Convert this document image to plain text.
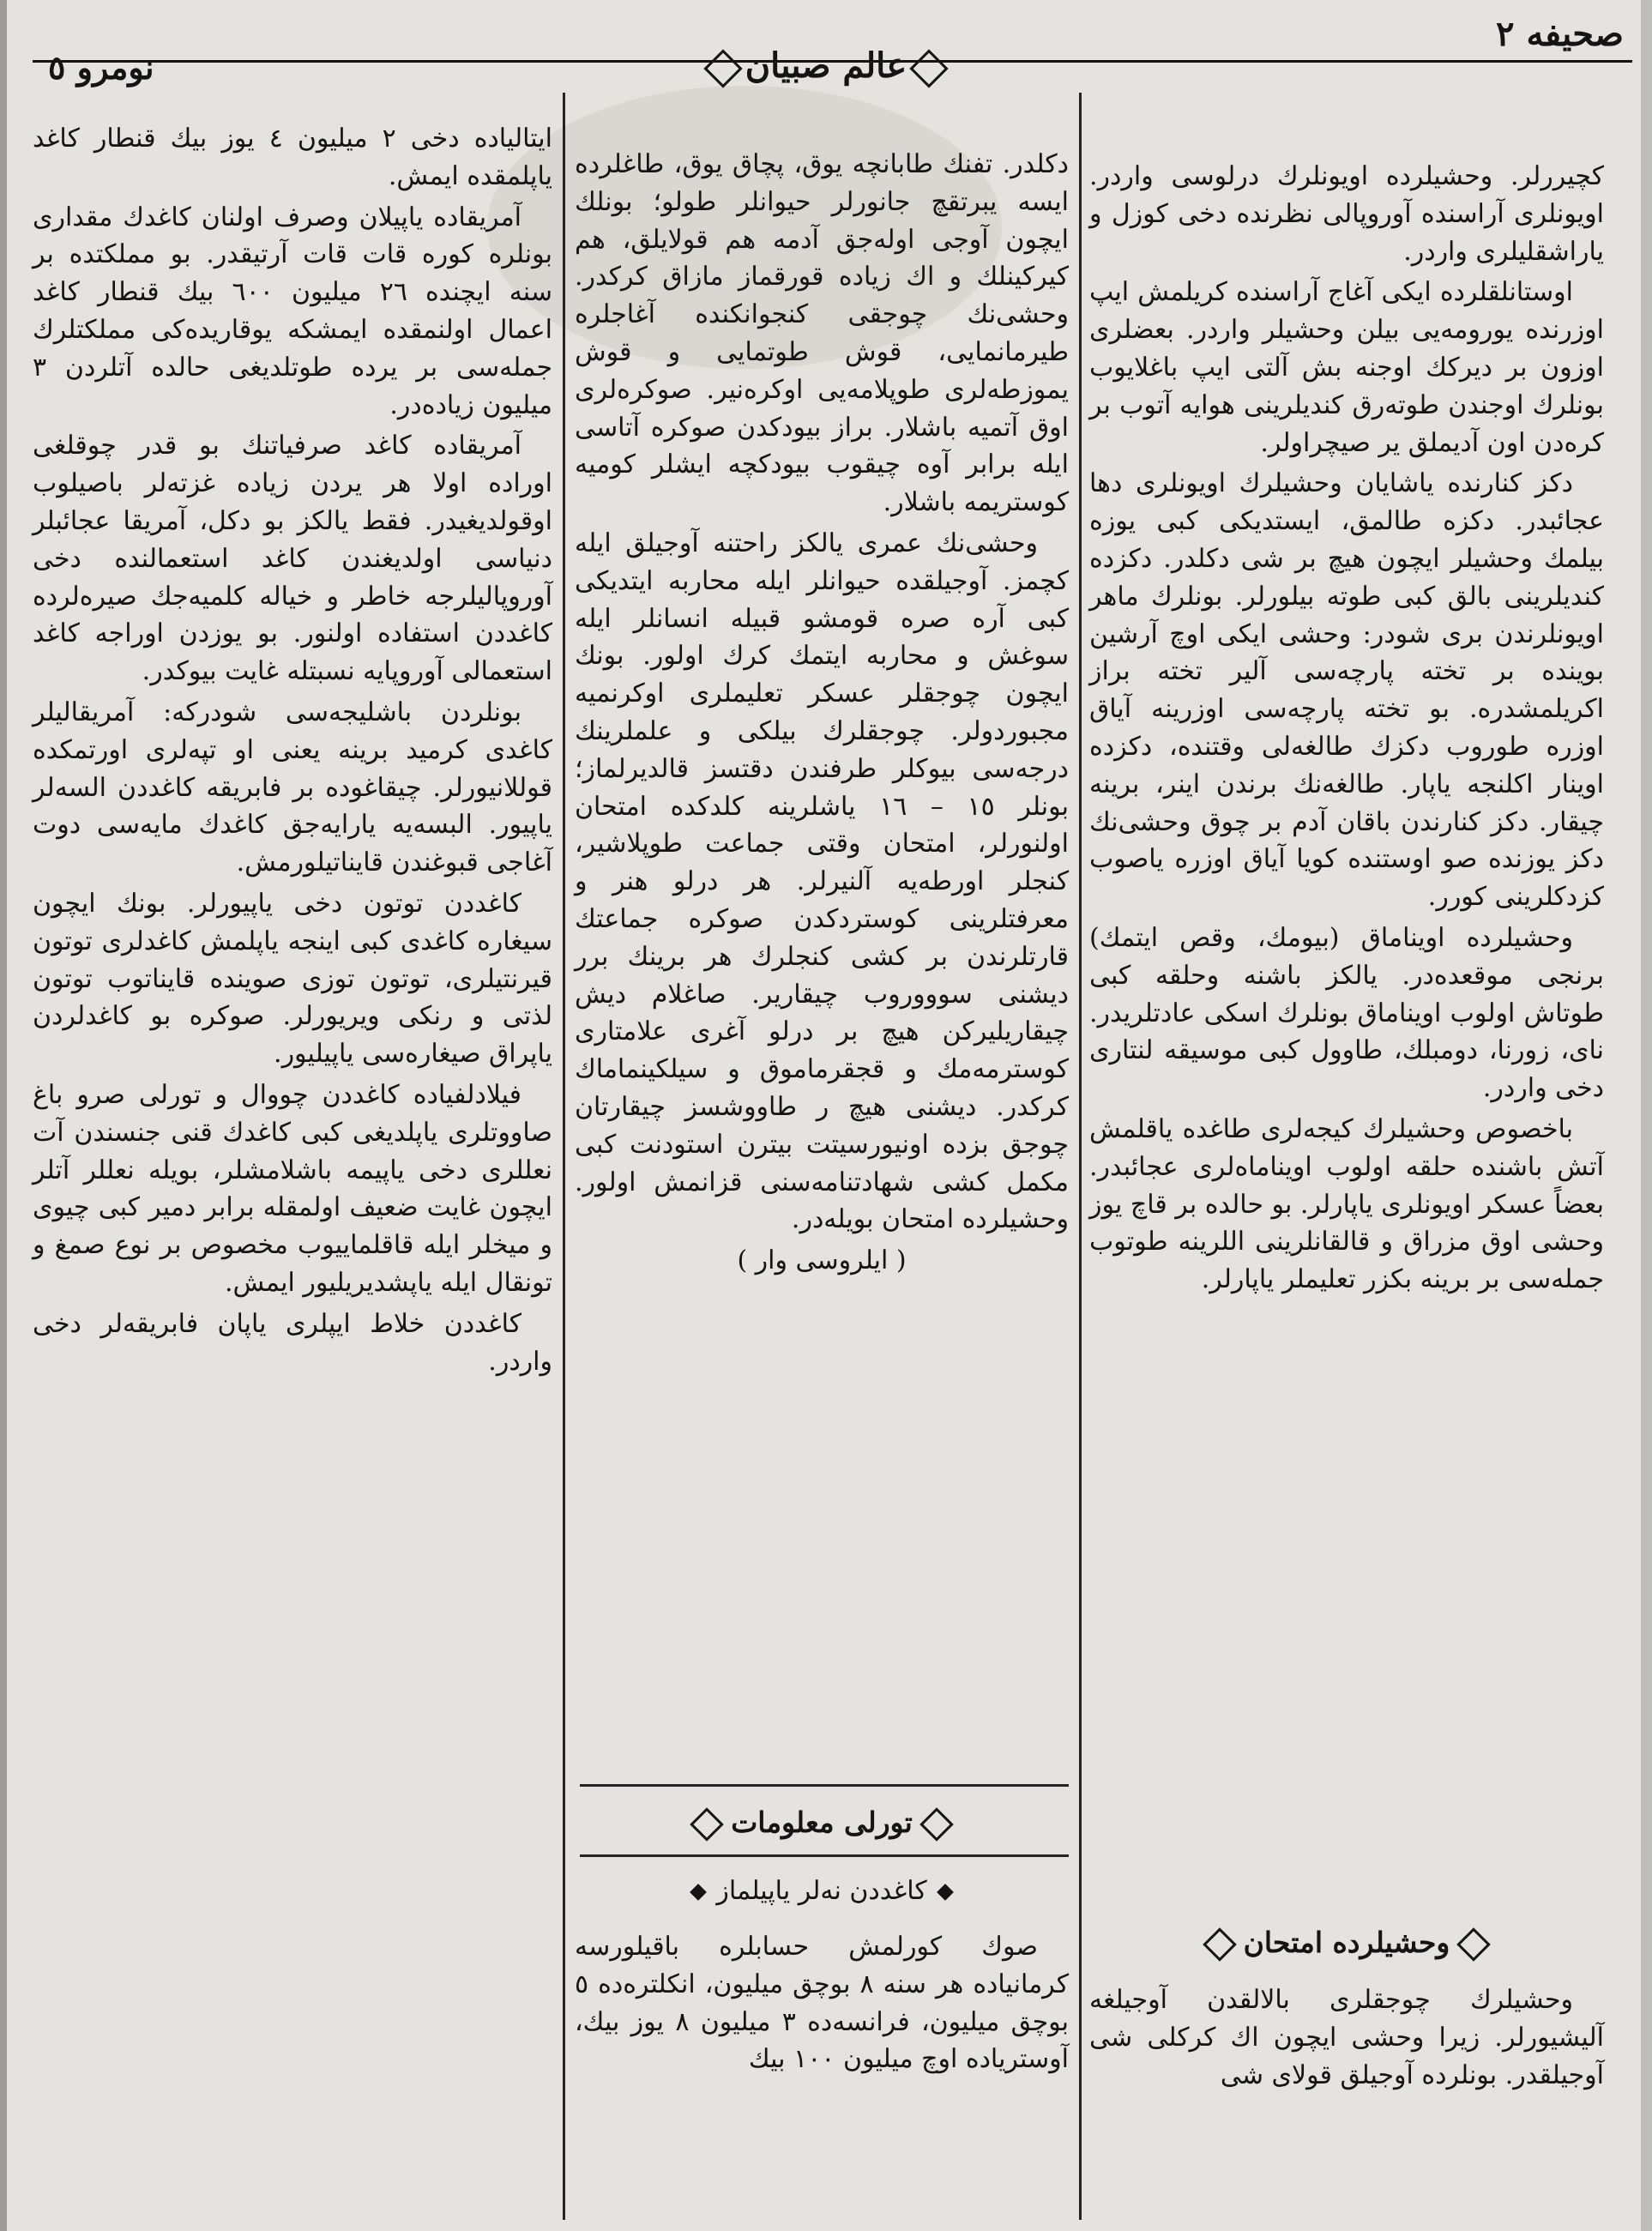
صحیفه ٢
عالم صبیان
نومرو ٥

كچیررلر. وحشیلرده اویونلرك درلوسی واردر. اویونلری آراسنده آوروپالی نظرنده دخی كوزل و یاراشقلیلری واردر.

اوستانلقلرده ایكی آغاج آراسنده كریلمش ایپ اوزرنده یورومه‌یی بیلن وحشیلر واردر. بعضلری اوزون بر دیركك اوجنه بش آلتی ایپ باغلایوب بونلرك اوجندن طوته‌رق كندیلرینی هوایه آتوب بر كره‌دن اون آدیملق یر صیچراولر.

دكز كنارنده یاشایان وحشیلرك اویونلری دها عجائبدر. دكزه طالمق، ایستدیكی كبی یوزه بیلمك وحشیلر ایچون هیچ بر شی دكلدر. دكزده كندیلرینی بالق كبی طوته بیلورلر. بونلرك ماهر اویونلرندن بری شودر: وحشی ایكی اوچ آرشین بوینده بر تخته پارچه‌سی آلیر تخته براز اكریلمشدره. بو تخته پارچه‌سی اوزرینه آیاق اوزره طوروب دكزك طالغه‌لی وقتنده، دكزده اوینار اكلنجه یاپار. طالغه‌نك برندن اینر، برینه چیقار. دكز كنارندن باقان آدم بر چوق وحشی‌نك دكز یوزنده صو اوستنده كویا آیاق اوزره یاصوب كزدكلرینی كورر.

وحشیلرده اویناماق (بیومك، وقص ایتمك) برنجی موقعده‌در. یالكز باشنه وحلقه كبی طوتاش اولوب اویناماق بونلرك اسكی عادتلریدر. نای، زورنا، دومبلك، طاوول كبی موسیقه لنتاری دخی واردر.

باخصوص وحشیلرك كیجه‌لری طاغده یاقلمش آتش باشنده حلقه اولوب اویناماه‌لری عجائبدر. بعضاً عسكر اویونلری یاپارلر. بو حالده بر قاچ یوز وحشی اوق مزراق و قالقانلرینی اللرینه طوتوب جمله‌سی بر برینه بكزر تعلیملر یاپارلر.

وحشیلرده امتحان

وحشیلرك چوجقلری بالالقدن آوجیلغه آلیشیورلر. زیرا وحشی ایچون اك كركلی شی آوجیلقدر. بونلرده آوجیلق قولای شی

دكلدر. تفنك طابانچه یوق، پچاق یوق، طاغلرده ایسه یبرتقچ جانورلر حیوانلر طولو؛ بونلك ایچون آوجی اوله‌جق آدمه هم قولایلق، هم كیركینلك و اك زیاده قورقماز مازاق كركدر. وحشی‌نك چوجقی كنجوانكنده آغاجلره طیرمانمایی، قوش طوتمایی و قوش یموزطه‌لری طوپلامه‌یی اوكره‌نیر. صوكره‌لری اوق آتمیه باشلار. براز بیودكدن صوكره آتاسی ایله برابر آوه چیقوب بیودكچه ایشلر كومیه كوستریمه باشلار.

وحشی‌نك عمری یالكز راحتنه آوجیلق ایله كچمز. آوجیلقده حیوانلر ایله محاربه ایتدیكی كبی آره صره قومشو قبیله انسانلر ایله سوغش و محاربه ایتمك كرك اولور. بونك ایچون چوجقلر عسكر تعلیملری اوكرنمیه مجبوردولر. چوجقلرك بیلكی و علملرینك درجه‌سی بیوكلر طرفندن دقتسز قالدیرلماز؛ بونلر ١٥ – ١٦ یاشلرینه كلدكده امتحان اولنورلر، امتحان وقتی جماعت طوپلاشیر، كنجلر اورطه‌یه آلنیرلر. هر درلو هنر و معرفتلرینی كوستردكدن صوكره جماعتك قارتلرندن بر كشی كنجلرك هر برینك برر دیشنی سوووروب چیقاریر. صاغلام دیش چیقاریلیركن هیچ بر درلو آغری علامتاری كوسترمه‌مك و قجقرماموق و سیلكینماماك كركدر. دیشنی هیچ ر طاووشسز چیقارتان چوجق بزده اونیورسیتت بیترن استودنت كبی مكمل كشی شهادتنامه‌سنی قزانمش اولور. وحشیلرده امتحان بویله‌در.

( ایلروسی وار )

تورلی معلومات
كاغددن نه‌لر یاپیلماز

صوك كورلمش حسابلره باقیلورسه كرمانیاده هر سنه ٨ بوچق میلیون، انكلتره‌ده ٥ بوچق میلیون، فرانسه‌ده ٣ میلیون ٨ یوز بیك، آوستریاده اوچ میلیون ١٠٠ بیك

ایتالیاده دخی ٢ میلیون ٤ یوز بیك قنطار كاغد یاپلمقده ایمش.

آمریقاده یاپیلان وصرف اولنان كاغدك مقداری بونلره كوره قات قات آرتیقدر. بو مملكتده بر سنه ایچنده ٢٦ میلیون ٦٠٠ بیك قنطار كاغد اعمال اولنمقده ایمشكه یوقاریده‌كی مملكتلرك جمله‌سی بر یرده طوتلدیغی حالده آتلردن ٣ میلیون زیاده‌در.

آمریقاده كاغد صرفیاتنك بو قدر چوقلغی اوراده اولا هر یردن زیاده غزته‌لر باصیلوب اوقولدیغیدر. فقط یالكز بو دكل، آمریقا عجائبلر دنیاسی اولدیغندن كاغد استعمالنده دخی آوروپالیلرجه خاطر و خیاله كلمیه‌جك صیره‌لرده كاغددن استفاده اولنور. بو یوزدن اوراجه كاغد استعمالی آوروپایه نسبتله غایت بیوكدر.

بونلردن باشلیجه‌سی شودركه: آمریقالیلر كاغدی كرمید برینه یعنی او تپه‌لری اورتمكده قوللانیورلر. چیقاغوده بر فابریقه كاغددن السه‌لر یاپیور. البسه‌یه یارایه‌جق كاغدك مایه‌سی دوت آغاجی قبوغندن قایناتیلورمش.

كاغددن توتون دخی یاپیورلر. بونك ایچون سیغاره كاغدی كبی اینجه یاپلمش كاغدلری توتون قیرنتیلری، توتون توزی صوینده قایناتوب توتون لذتی و رنكی ویریورلر. صوكره بو كاغدلردن یاپراق صیغاره‌سی یاپیلیور.

فیلادلفیاده كاغددن چووال و تورلی صرو باغ صاووتلری یاپلدیغی كبی كاغدك قنی جنسندن آت نعللری دخی یاپیمه باشلامشلر، بویله نعللر آتلر ایچون غایت ضعیف اولمقله برابر دمیر كبی چیوی و میخلر ایله قاقلماییوب مخصوص بر نوع صمغ و تونقال ایله یاپشدیریلیور ایمش.

كاغددن خلاط ایپلری یاپان فابریقه‌لر دخی واردر.
